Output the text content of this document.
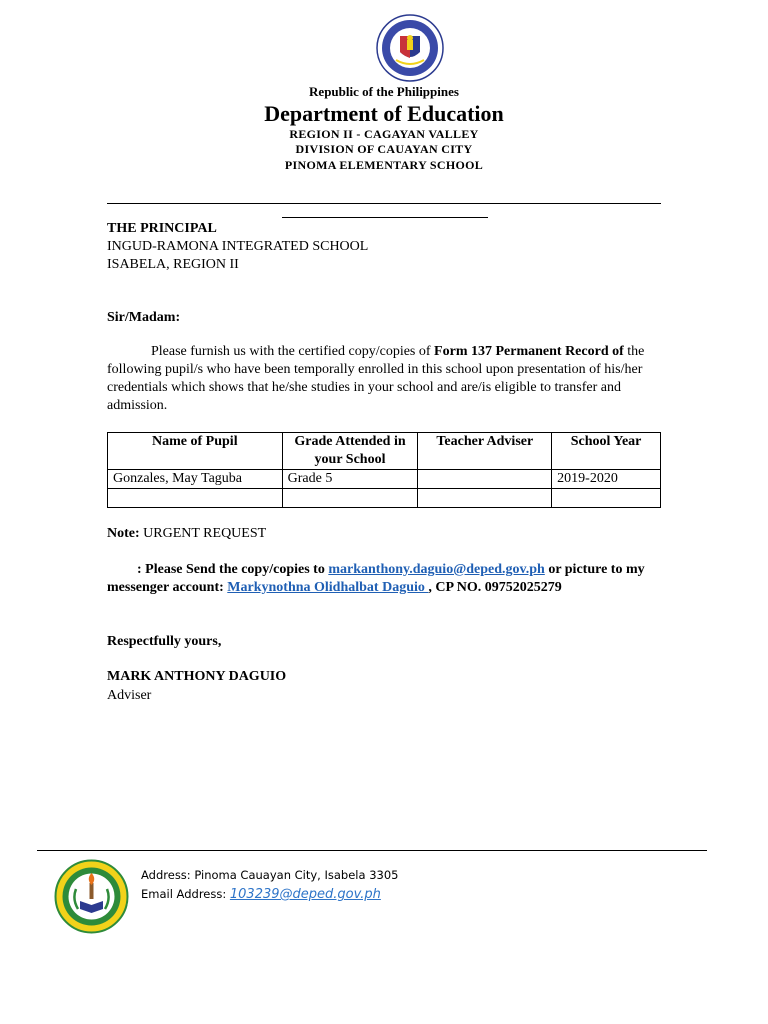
Republic of the Philippines
Department of Education
REGION II - CAGAYAN VALLEY
DIVISION OF CAUAYAN CITY
PINOMA ELEMENTARY SCHOOL
THE PRINCIPAL
INGUD-RAMONA INTEGRATED SCHOOL
ISABELA, REGION II
Sir/Madam:
Please furnish us with the certified copy/copies of Form 137 Permanent Record of the following pupil/s who have been temporally enrolled in this school upon presentation of his/her credentials which shows that he/she studies in your school and are/is eligible to transfer and admission.
Name of Pupil	Grade Attended in your School	Teacher Adviser	School Year
Gonzales, May Taguba	Grade 5		2019-2020

Note: URGENT REQUEST
: Please Send the copy/copies to markanthony.daguio@deped.gov.ph or picture to my messenger account: Markynothna Olidhalbat Daguio , CP NO. 09752025279
Respectfully yours,
MARK ANTHONY DAGUIO
Adviser
Address: Pinoma Cauayan City, Isabela 3305
Email Address: 103239@deped.gov.ph
